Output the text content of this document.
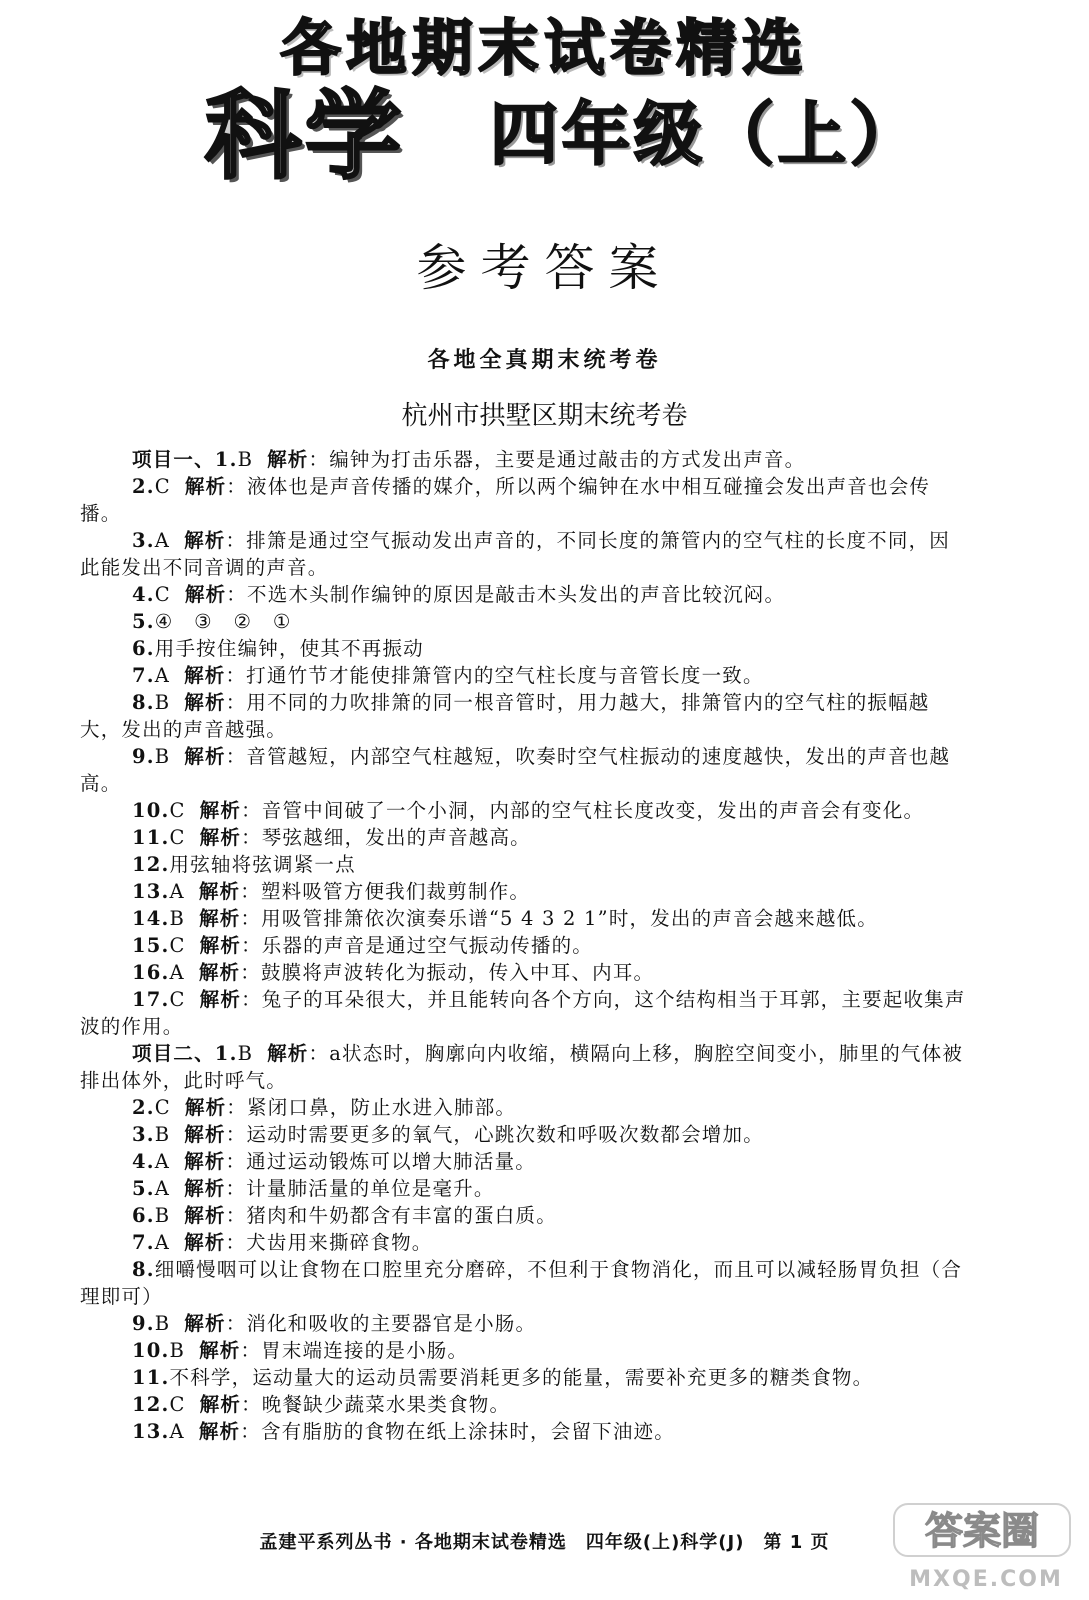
各地期末试卷精选
科学 四年级（上）
参考答案
各地全真期末统考卷
杭州市拱墅区期末统考卷

项目一、1.B 解析：编钟为打击乐器，主要是通过敲击的方式发出声音。

2.C 解析：液体也是声音传播的媒介，所以两个编钟在水中相互碰撞会发出声音也会传播。

3.A 解析：排箫是通过空气振动发出声音的，不同长度的箫管内的空气柱的长度不同，因此能发出不同音调的声音。

4.C 解析：不选木头制作编钟的原因是敲击木头发出的声音比较沉闷。

5.④　③　②　①

6.用手按住编钟，使其不再振动

7.A 解析：打通竹节才能使排箫管内的空气柱长度与音管长度一致。

8.B 解析：用不同的力吹排箫的同一根音管时，用力越大，排箫管内的空气柱的振幅越大，发出的声音越强。

9.B 解析：音管越短，内部空气柱越短，吹奏时空气柱振动的速度越快，发出的声音也越高。

10.C 解析：音管中间破了一个小洞，内部的空气柱长度改变，发出的声音会有变化。

11.C 解析：琴弦越细，发出的声音越高。

12.用弦轴将弦调紧一点

13.A 解析：塑料吸管方便我们裁剪制作。

14.B 解析：用吸管排箫依次演奏乐谱“5 4 3 2 1”时，发出的声音会越来越低。

15.C 解析：乐器的声音是通过空气振动传播的。

16.A 解析：鼓膜将声波转化为振动，传入中耳、内耳。

17.C 解析：兔子的耳朵很大，并且能转向各个方向，这个结构相当于耳郭，主要起收集声波的作用。

项目二、1.B 解析：a状态时，胸廓向内收缩，横隔向上移，胸腔空间变小，肺里的气体被排出体外，此时呼气。

2.C 解析：紧闭口鼻，防止水进入肺部。

3.B 解析：运动时需要更多的氧气，心跳次数和呼吸次数都会增加。

4.A 解析：通过运动锻炼可以增大肺活量。

5.A 解析：计量肺活量的单位是毫升。

6.B 解析：猪肉和牛奶都含有丰富的蛋白质。

7.A 解析：犬齿用来撕碎食物。

8.细嚼慢咽可以让食物在口腔里充分磨碎，不但利于食物消化，而且可以减轻肠胃负担（合理即可）

9.B 解析：消化和吸收的主要器官是小肠。

10.B 解析：胃末端连接的是小肠。

11.不科学，运动量大的运动员需要消耗更多的能量，需要补充更多的糖类食物。

12.C 解析：晚餐缺少蔬菜水果类食物。

13.A 解析：含有脂肪的食物在纸上涂抹时，会留下油迹。

孟建平系列丛书 · 各地期末试卷精选　四年级(上)科学(J)　第 1 页	答案圈
MXQE.COM
